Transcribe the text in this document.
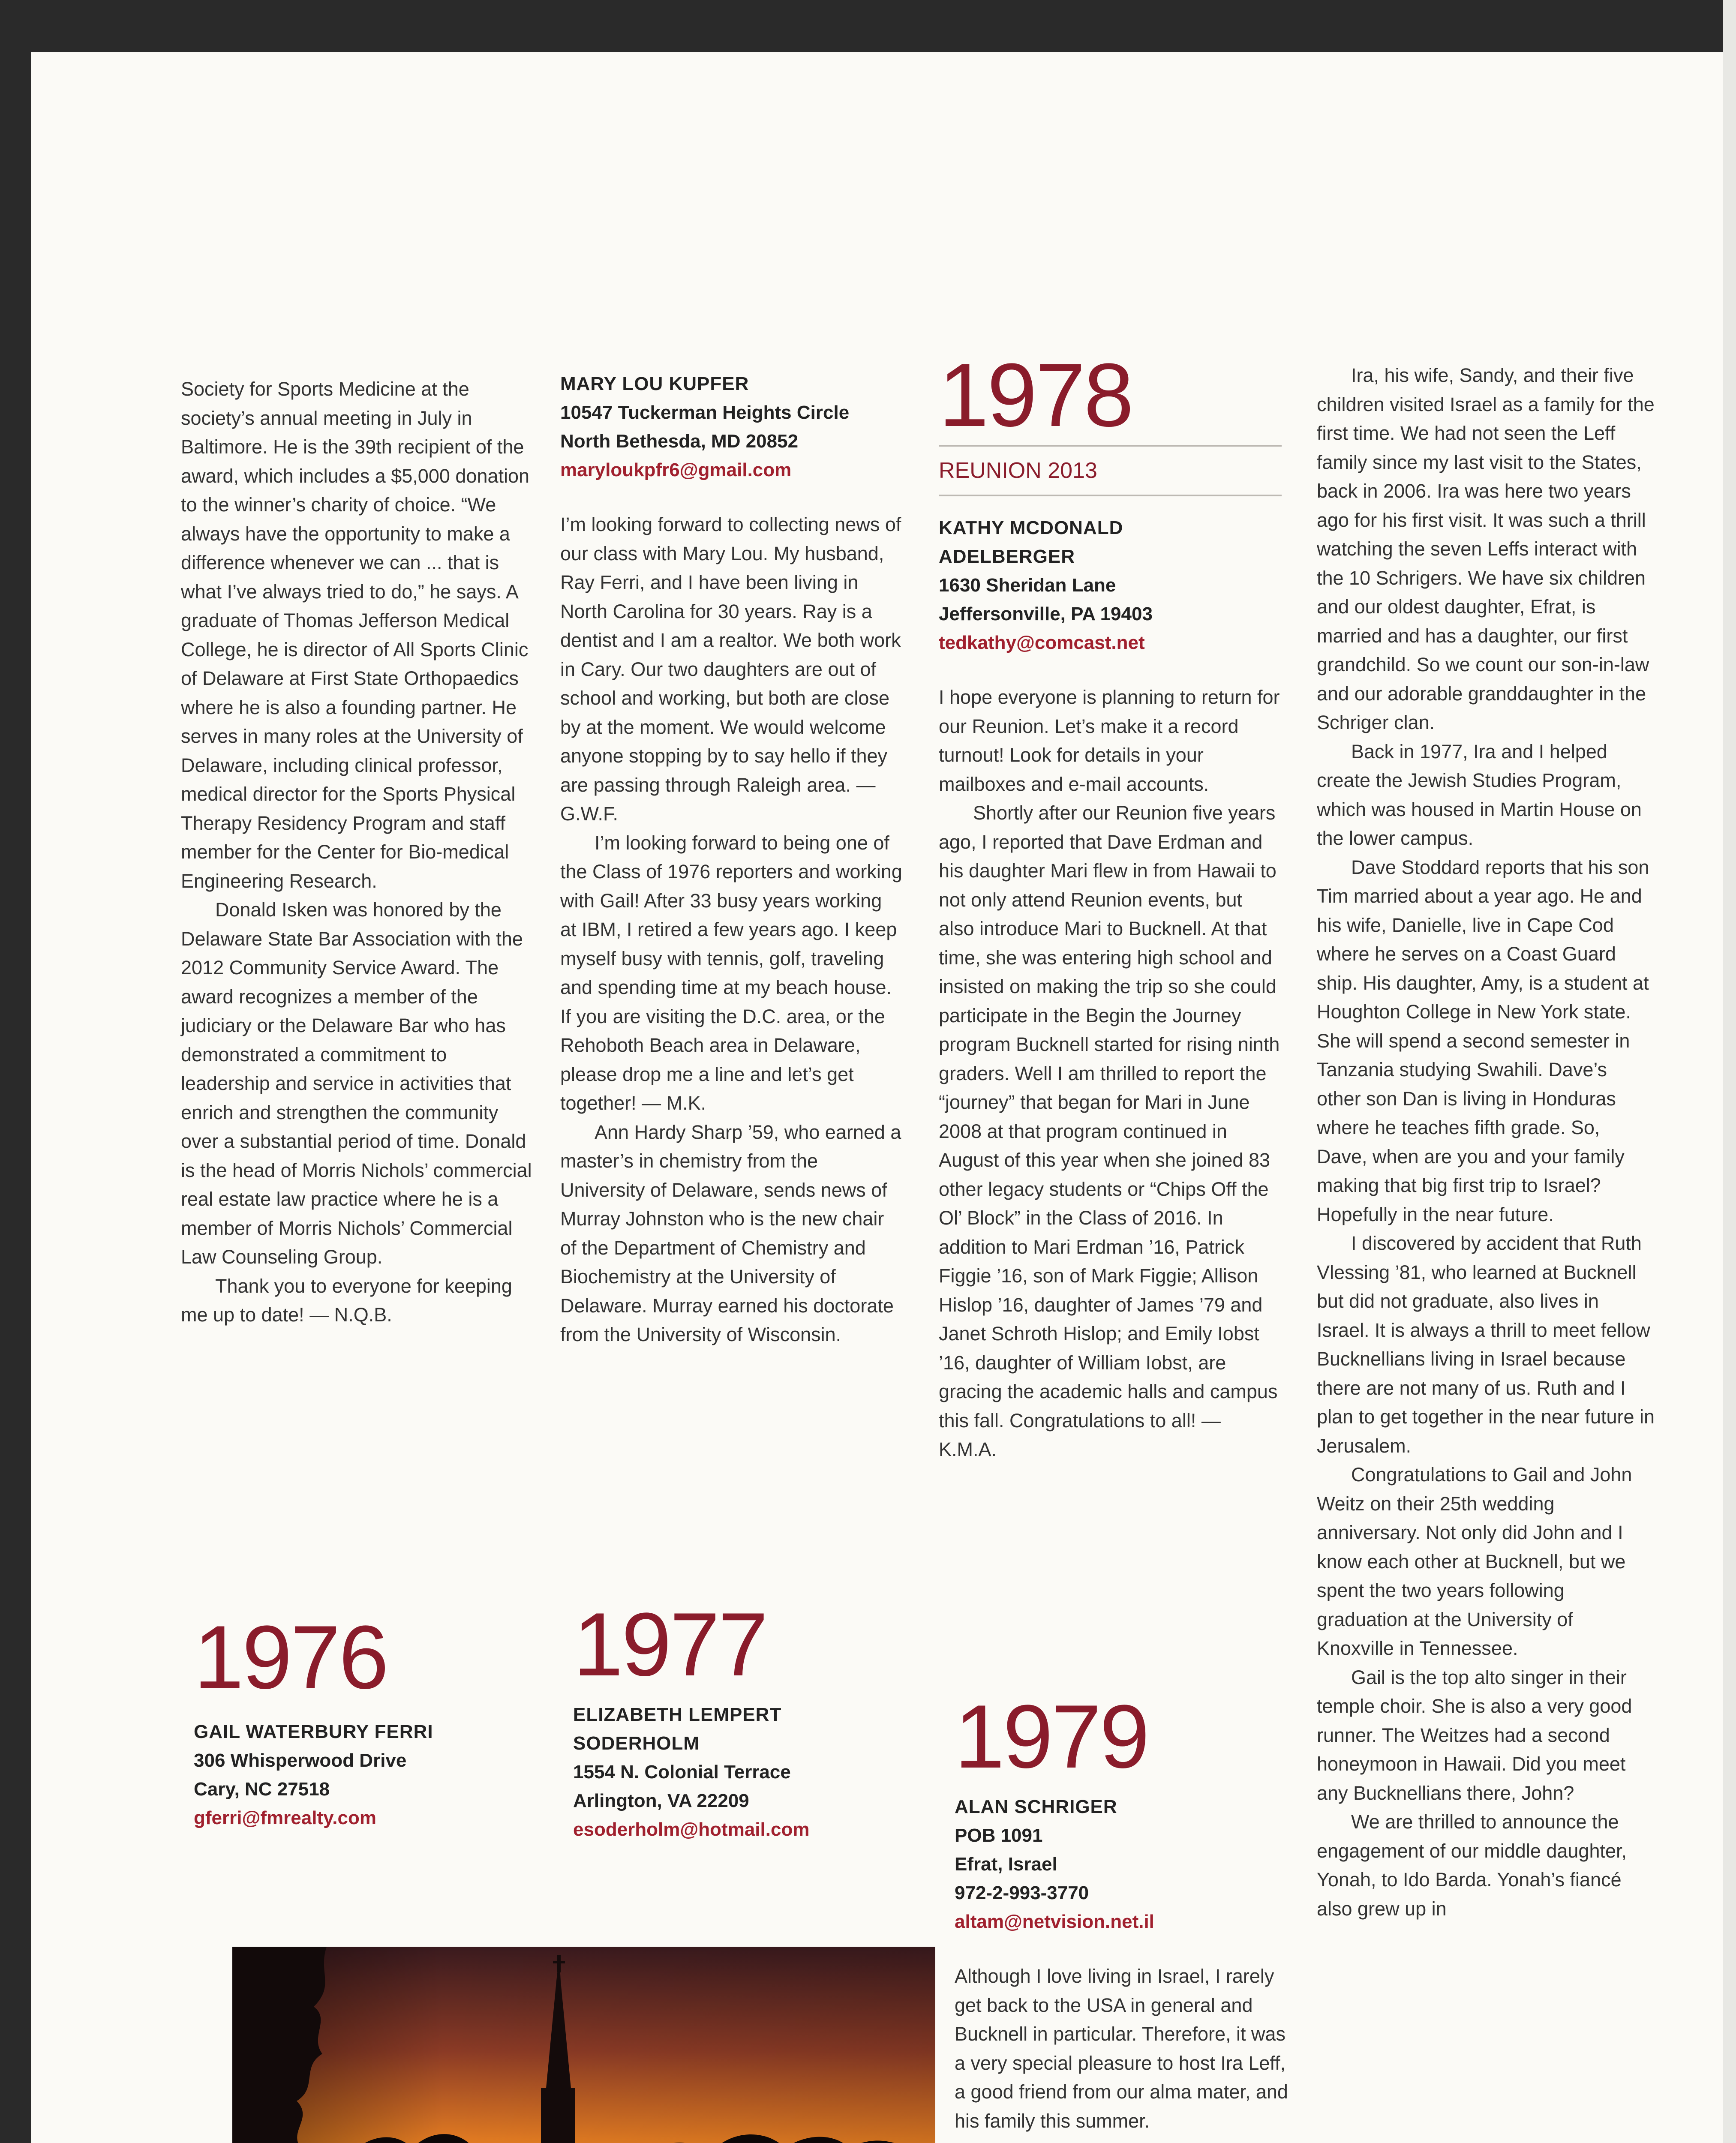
Society for Sports Medicine at the society’s annual meeting in July in Baltimore. He is the 39th recipient of the award, which includes a $5,000 donation to the winner’s charity of choice. “We always have the opportunity to make a difference whenever we can ... that is what I’ve always tried to do,” he says. A graduate of Thomas Jefferson Medical College, he is director of All Sports Clinic of Delaware at First State Orthopaedics where he is also a founding partner. He serves in many roles at the University of Delaware, including clinical professor, medical director for the Sports Physical Therapy Residency Program and staff member for the Center for Bio-medical Engineering Research.

Donald Isken was honored by the Delaware State Bar Association with the 2012 Community Service Award. The award recognizes a member of the judiciary or the Delaware Bar who has demonstrated a commitment to leadership and service in activities that enrich and strengthen the community over a substantial period of time. Donald is the head of Morris Nichols’ commercial real estate law practice where he is a member of Morris Nichols’ Commercial Law Counseling Group.

Thank you to everyone for keeping me up to date! — N.Q.B.

1976
GAIL WATERBURY FERRI
306 Whisperwood Drive
Cary, NC 27518
gferri@fmrealty.com
MARY LOU KUPFER
10547 Tuckerman Heights Circle
North Bethesda, MD 20852
maryloukpfr6@gmail.com

I’m looking forward to collecting news of our class with Mary Lou. My husband, Ray Ferri, and I have been living in North Carolina for 30 years. Ray is a dentist and I am a realtor. We both work in Cary. Our two daughters are out of school and working, but both are close by at the moment. We would welcome anyone stopping by to say hello if they are passing through Raleigh area. — G.W.F.

I’m looking forward to being one of the Class of 1976 reporters and working with Gail! After 33 busy years working at IBM, I retired a few years ago. I keep myself busy with tennis, golf, traveling and spending time at my beach house. If you are visiting the D.C. area, or the Rehoboth Beach area in Delaware, please drop me a line and let’s get together! — M.K.

Ann Hardy Sharp ’59, who earned a master’s in chemistry from the University of Delaware, sends news of Murray Johnston who is the new chair of the Department of Chemistry and Biochemistry at the University of Delaware. Murray earned his doctorate from the University of Wisconsin.

1977
ELIZABETH LEMPERT
SODERHOLM
1554 N. Colonial Terrace
Arlington, VA 22209
esoderholm@hotmail.com
1978
REUNION 2013
KATHY MCDONALD
ADELBERGER
1630 Sheridan Lane
Jeffersonville, PA 19403
tedkathy@comcast.net

I hope everyone is planning to return for our Reunion. Let’s make it a record turnout! Look for details in your mailboxes and e-mail accounts.

Shortly after our Reunion five years ago, I reported that Dave Erdman and his daughter Mari flew in from Hawaii to not only attend Reunion events, but also introduce Mari to Bucknell. At that time, she was entering high school and insisted on making the trip so she could participate in the Begin the Journey program Bucknell started for rising ninth graders. Well I am thrilled to report the “journey” that began for Mari in June 2008 at that program continued in August of this year when she joined 83 other legacy students or “Chips Off the Ol’ Block” in the Class of 2016. In addition to Mari Erdman ’16, Patrick Figgie ’16, son of Mark Figgie; Allison Hislop ’16, daughter of James ’79 and Janet Schroth Hislop; and Emily Iobst ’16, daughter of William Iobst, are gracing the academic halls and campus this fall. Congratulations to all! — K.M.A.

1979
ALAN SCHRIGER
POB 1091
Efrat, Israel
972-2-993-3770
altam@netvision.net.il

Although I love living in Israel, I rarely get back to the USA in general and Bucknell in particular. Therefore, it was a very special pleasure to host Ira Leff, a good friend from our alma mater, and his family this summer.

Ira, his wife, Sandy, and their five children visited Israel as a family for the first time. We had not seen the Leff family since my last visit to the States, back in 2006. Ira was here two years ago for his first visit. It was such a thrill watching the seven Leffs interact with the 10 Schrigers. We have six children and our oldest daughter, Efrat, is married and has a daughter, our first grandchild. So we count our son-in-law and our adorable granddaughter in the Schriger clan.

Back in 1977, Ira and I helped create the Jewish Studies Program, which was housed in Martin House on the lower campus.

Dave Stoddard reports that his son Tim married about a year ago. He and his wife, Danielle, live in Cape Cod where he serves on a Coast Guard ship. His daughter, Amy, is a student at Houghton College in New York state. She will spend a second semester in Tanzania studying Swahili. Dave’s other son Dan is living in Honduras where he teaches fifth grade. So, Dave, when are you and your family making that big first trip to Israel? Hopefully in the near future.

I discovered by accident that Ruth Vlessing ’81, who learned at Bucknell but did not graduate, also lives in Israel. It is always a thrill to meet fellow Bucknellians living in Israel because there are not many of us. Ruth and I plan to get together in the near future in Jerusalem.

Congratulations to Gail and John Weitz on their 25th wedding anniversary. Not only did John and I know each other at Bucknell, but we spent the two years following graduation at the University of Knoxville in Tennessee.

Gail is the top alto singer in their temple choir. She is also a very good runner. The Weitzes had a second honeymoon in Hawaii. Did you meet any Bucknellians there, John?

We are thrilled to announce the engagement of our middle daughter, Yonah, to Ido Barda. Yonah’s fiancé also grew up in
